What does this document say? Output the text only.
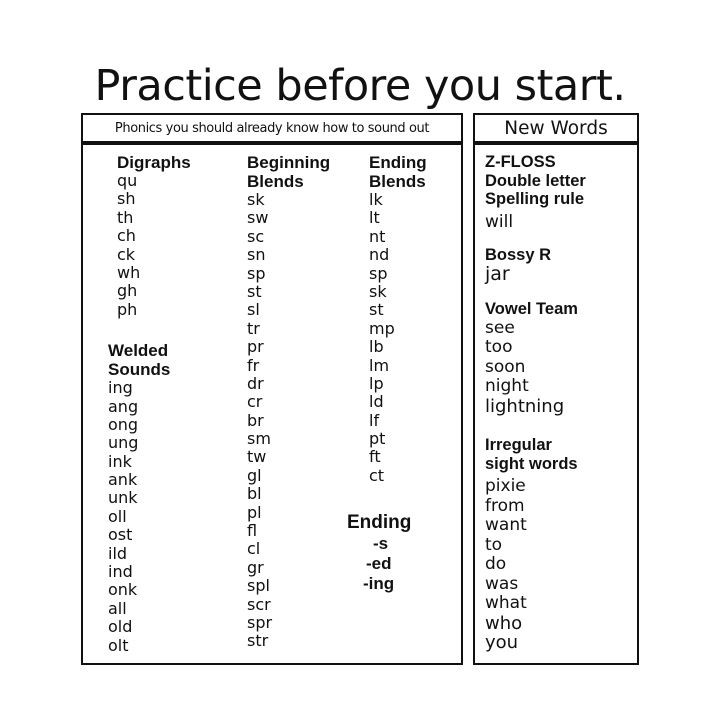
Practice before you start.
Phonics you should already know how to sound out	New Words
Digraphs
qu
sh
th
ch
ck
wh
gh
ph
Welded
Sounds
ing
ang
ong
ung
ink
ank
unk
oll
ost
ild
ind
onk
all
old
olt
Beginning
Blends
sk
sw
sc
sn
sp
st
sl
tr
pr
fr
dr
cr
br
sm
tw
gl
bl
pl
fl
cl
gr
spl
scr
spr
str
Ending
Blends
lk
lt
nt
nd
sp
sk
st
mp
lb
lm
lp
ld
lf
pt
ft
ct
Ending
-s
-ed
-ing
Z-FLOSS
Double letter
Spelling rule
will
Bossy R
jar
Vowel Team
see
too
soon
night
lightning
Irregular
sight words
pixie
from
want
to
do
was
what
who
you
